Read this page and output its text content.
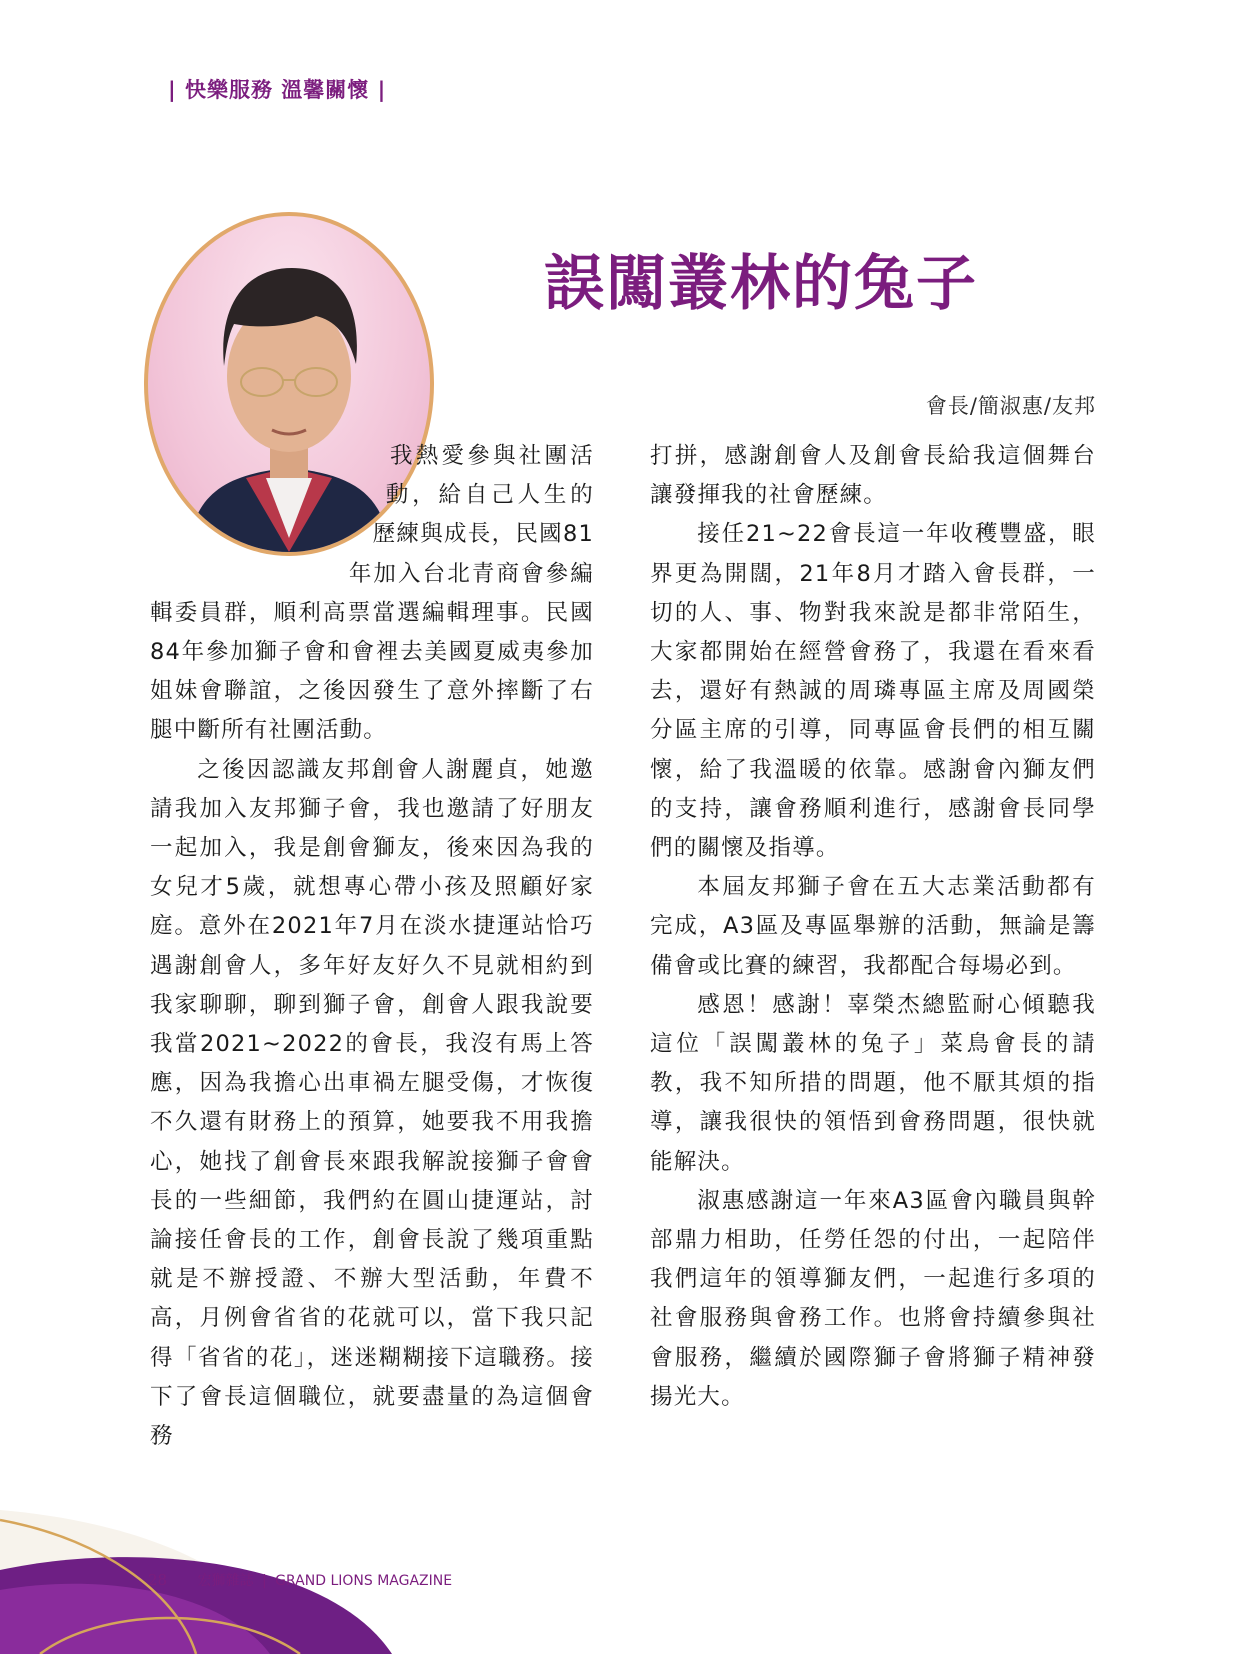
| 快樂服務 溫馨關懷 |
誤闖叢林的兔子
會長/簡淑惠/友邦

我熱愛參與社團活動，給自己人生的歷練與成長，民國81年加入台北青商會參編輯委員群，順利高票當選編輯理事。民國84年參加獅子會和會裡去美國夏威夷參加姐妹會聯誼，之後因發生了意外摔斷了右腿中斷所有社團活動。

之後因認識友邦創會人謝麗貞，她邀請我加入友邦獅子會，我也邀請了好朋友一起加入，我是創會獅友，後來因為我的女兒才5歲，就想專心帶小孩及照顧好家庭。意外在2021年7月在淡水捷運站恰巧遇謝創會人，多年好友好久不見就相約到我家聊聊，聊到獅子會，創會人跟我說要我當2021~2022的會長，我沒有馬上答應，因為我擔心出車禍左腿受傷，才恢復不久還有財務上的預算，她要我不用我擔心，她找了創會長來跟我解說接獅子會會長的一些細節，我們約在圓山捷運站，討論接任會長的工作，創會長說了幾項重點就是不辦授證、不辦大型活動，年費不高，月例會省省的花就可以，當下我只記得「省省的花」，迷迷糊糊接下這職務。接下了會長這個職位，就要盡量的為這個會務

打拼，感謝創會人及創會長給我這個舞台讓發揮我的社會歷練。

接任21~22會長這一年收穫豐盛，眼界更為開闊，21年8月才踏入會長群，一切的人、事、物對我來說是都非常陌生，大家都開始在經營會務了，我還在看來看去，還好有熱誠的周璘專區主席及周國榮分區主席的引導，同專區會長們的相互關懷，給了我溫暖的依靠。感謝會內獅友們的支持，讓會務順利進行，感謝會長同學們的關懷及指導。

本屆友邦獅子會在五大志業活動都有完成，A3區及專區舉辦的活動，無論是籌備會或比賽的練習，我都配合每場必到。

感恩！感謝！辜榮杰總監耐心傾聽我這位「誤闖叢林的兔子」菜鳥會長的請教，我不知所措的問題，他不厭其煩的指導，讓我很快的領悟到會務問題，很快就能解決。

淑惠感謝這一年來A3區會內職員與幹部鼎力相助，任勞任怨的付出，一起陪伴我們這年的領導獅友們，一起進行多項的社會服務與會務工作。也將會持續參與社會服務，繼續於國際獅子會將獅子精神發揚光大。

28 宏獅雜誌 | GRAND LIONS MAGAZINE
